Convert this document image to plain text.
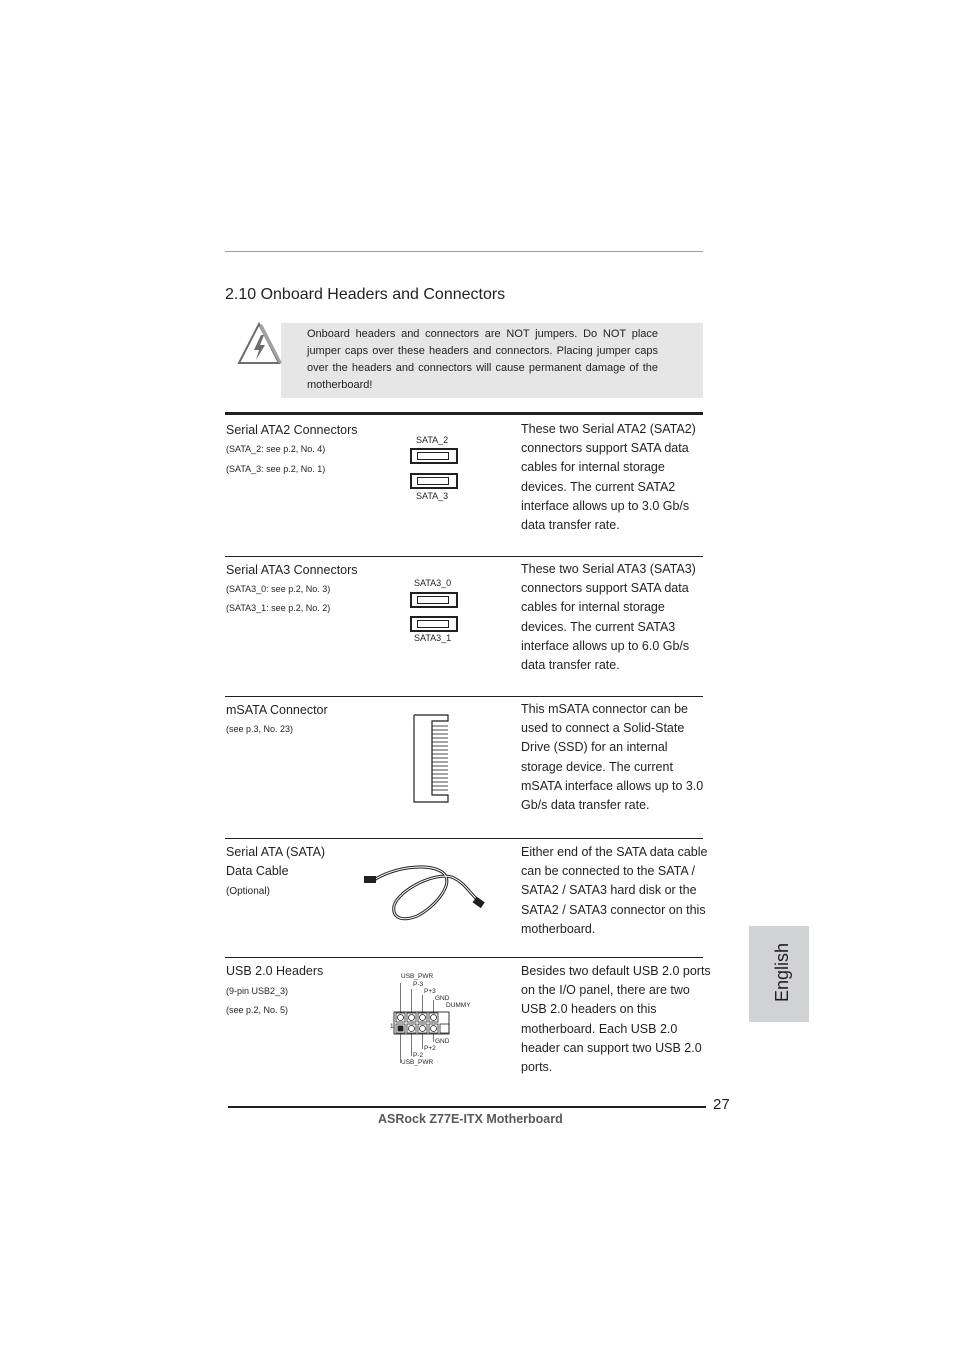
2.10 Onboard Headers and Connectors
Onboard headers and connectors are NOT jumpers. Do NOT place jumper caps over these headers and connectors. Placing jumper caps over the headers and connectors will cause permanent damage of the motherboard!
Serial ATA2 Connectors
(SATA_2: see p.2, No. 4)
(SATA_3: see p.2, No. 1)
SATA_2
SATA_3
These two Serial ATA2 (SATA2) connectors support SATA data cables for internal storage devices. The current SATA2 interface allows up to 3.0 Gb/s data transfer rate.
Serial ATA3 Connectors
(SATA3_0: see p.2, No. 3)
(SATA3_1: see p.2, No. 2)
SATA3_0
SATA3_1
These two Serial ATA3 (SATA3) connectors support SATA data cables for internal storage devices. The current SATA3 interface allows up to 6.0 Gb/s data transfer rate.
mSATA Connector
(see p.3, No. 23)
This mSATA connector can be used to connect a Solid-State Drive (SSD) for an internal storage device. The current mSATA interface allows up to 3.0 Gb/s data transfer rate.
Serial ATA (SATA)
Data Cable
(Optional)
Either end of the SATA data cable can be connected to the SATA / SATA2 / SATA3 hard disk or the SATA2 / SATA3 connector on this motherboard.
USB 2.0 Headers
(9-pin USB2_3)
(see p.2, No. 5)
USB_PWR
P-3
P+3
GND
DUMMY
1
GND
P+2
P-2
USB_PWR
Besides two default USB 2.0 ports on the I/O panel, there are two USB 2.0 headers on this motherboard. Each USB 2.0 header can support two USB 2.0 ports.
English
27
ASRock Z77E-ITX Motherboard
